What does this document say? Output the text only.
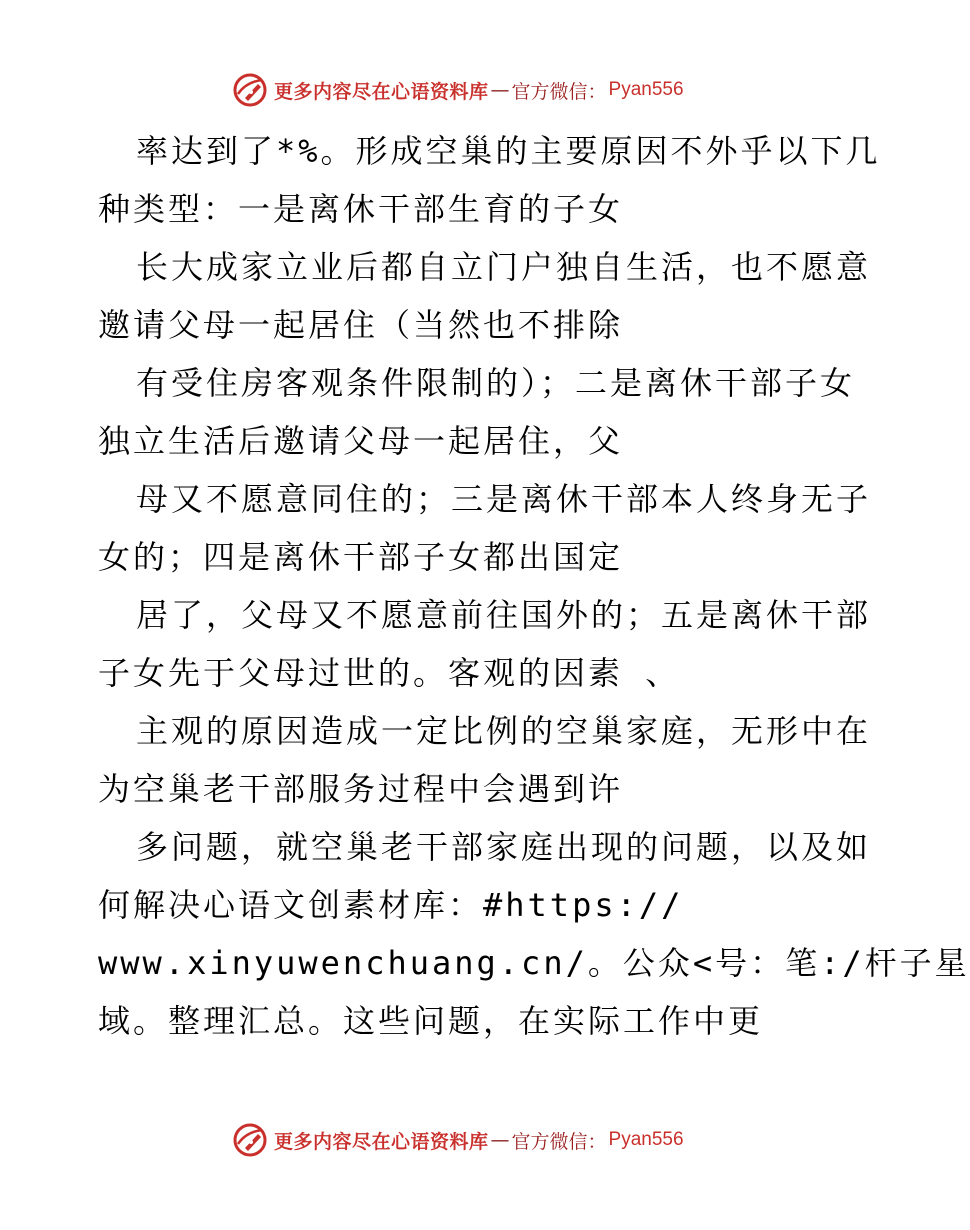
更多内容尽在心语资料库 — 官方微信： Pyan556
率达到了*%。形成空巢的主要原因不外乎以下几
种类型：一是离休干部生育的子女
长大成家立业后都自立门户独自生活，也不愿意
邀请父母一起居住（当然也不排除
有受住房客观条件限制的）；二是离休干部子女
独立生活后邀请父母一起居住，父
母又不愿意同住的；三是离休干部本人终身无子
女的；四是离休干部子女都出国定
居了，父母又不愿意前往国外的；五是离休干部
子女先于父母过世的。客观的因素 、
主观的原因造成一定比例的空巢家庭，无形中在
为空巢老干部服务过程中会遇到许
多问题，就空巢老干部家庭出现的问题，以及如
何解决心语文创素材库：#https://
www.xinyuwenchuang.cn/。公众<号：笔:/杆子星
域。整理汇总。这些问题，在实际工作中更
更多内容尽在心语资料库 — 官方微信： Pyan556
